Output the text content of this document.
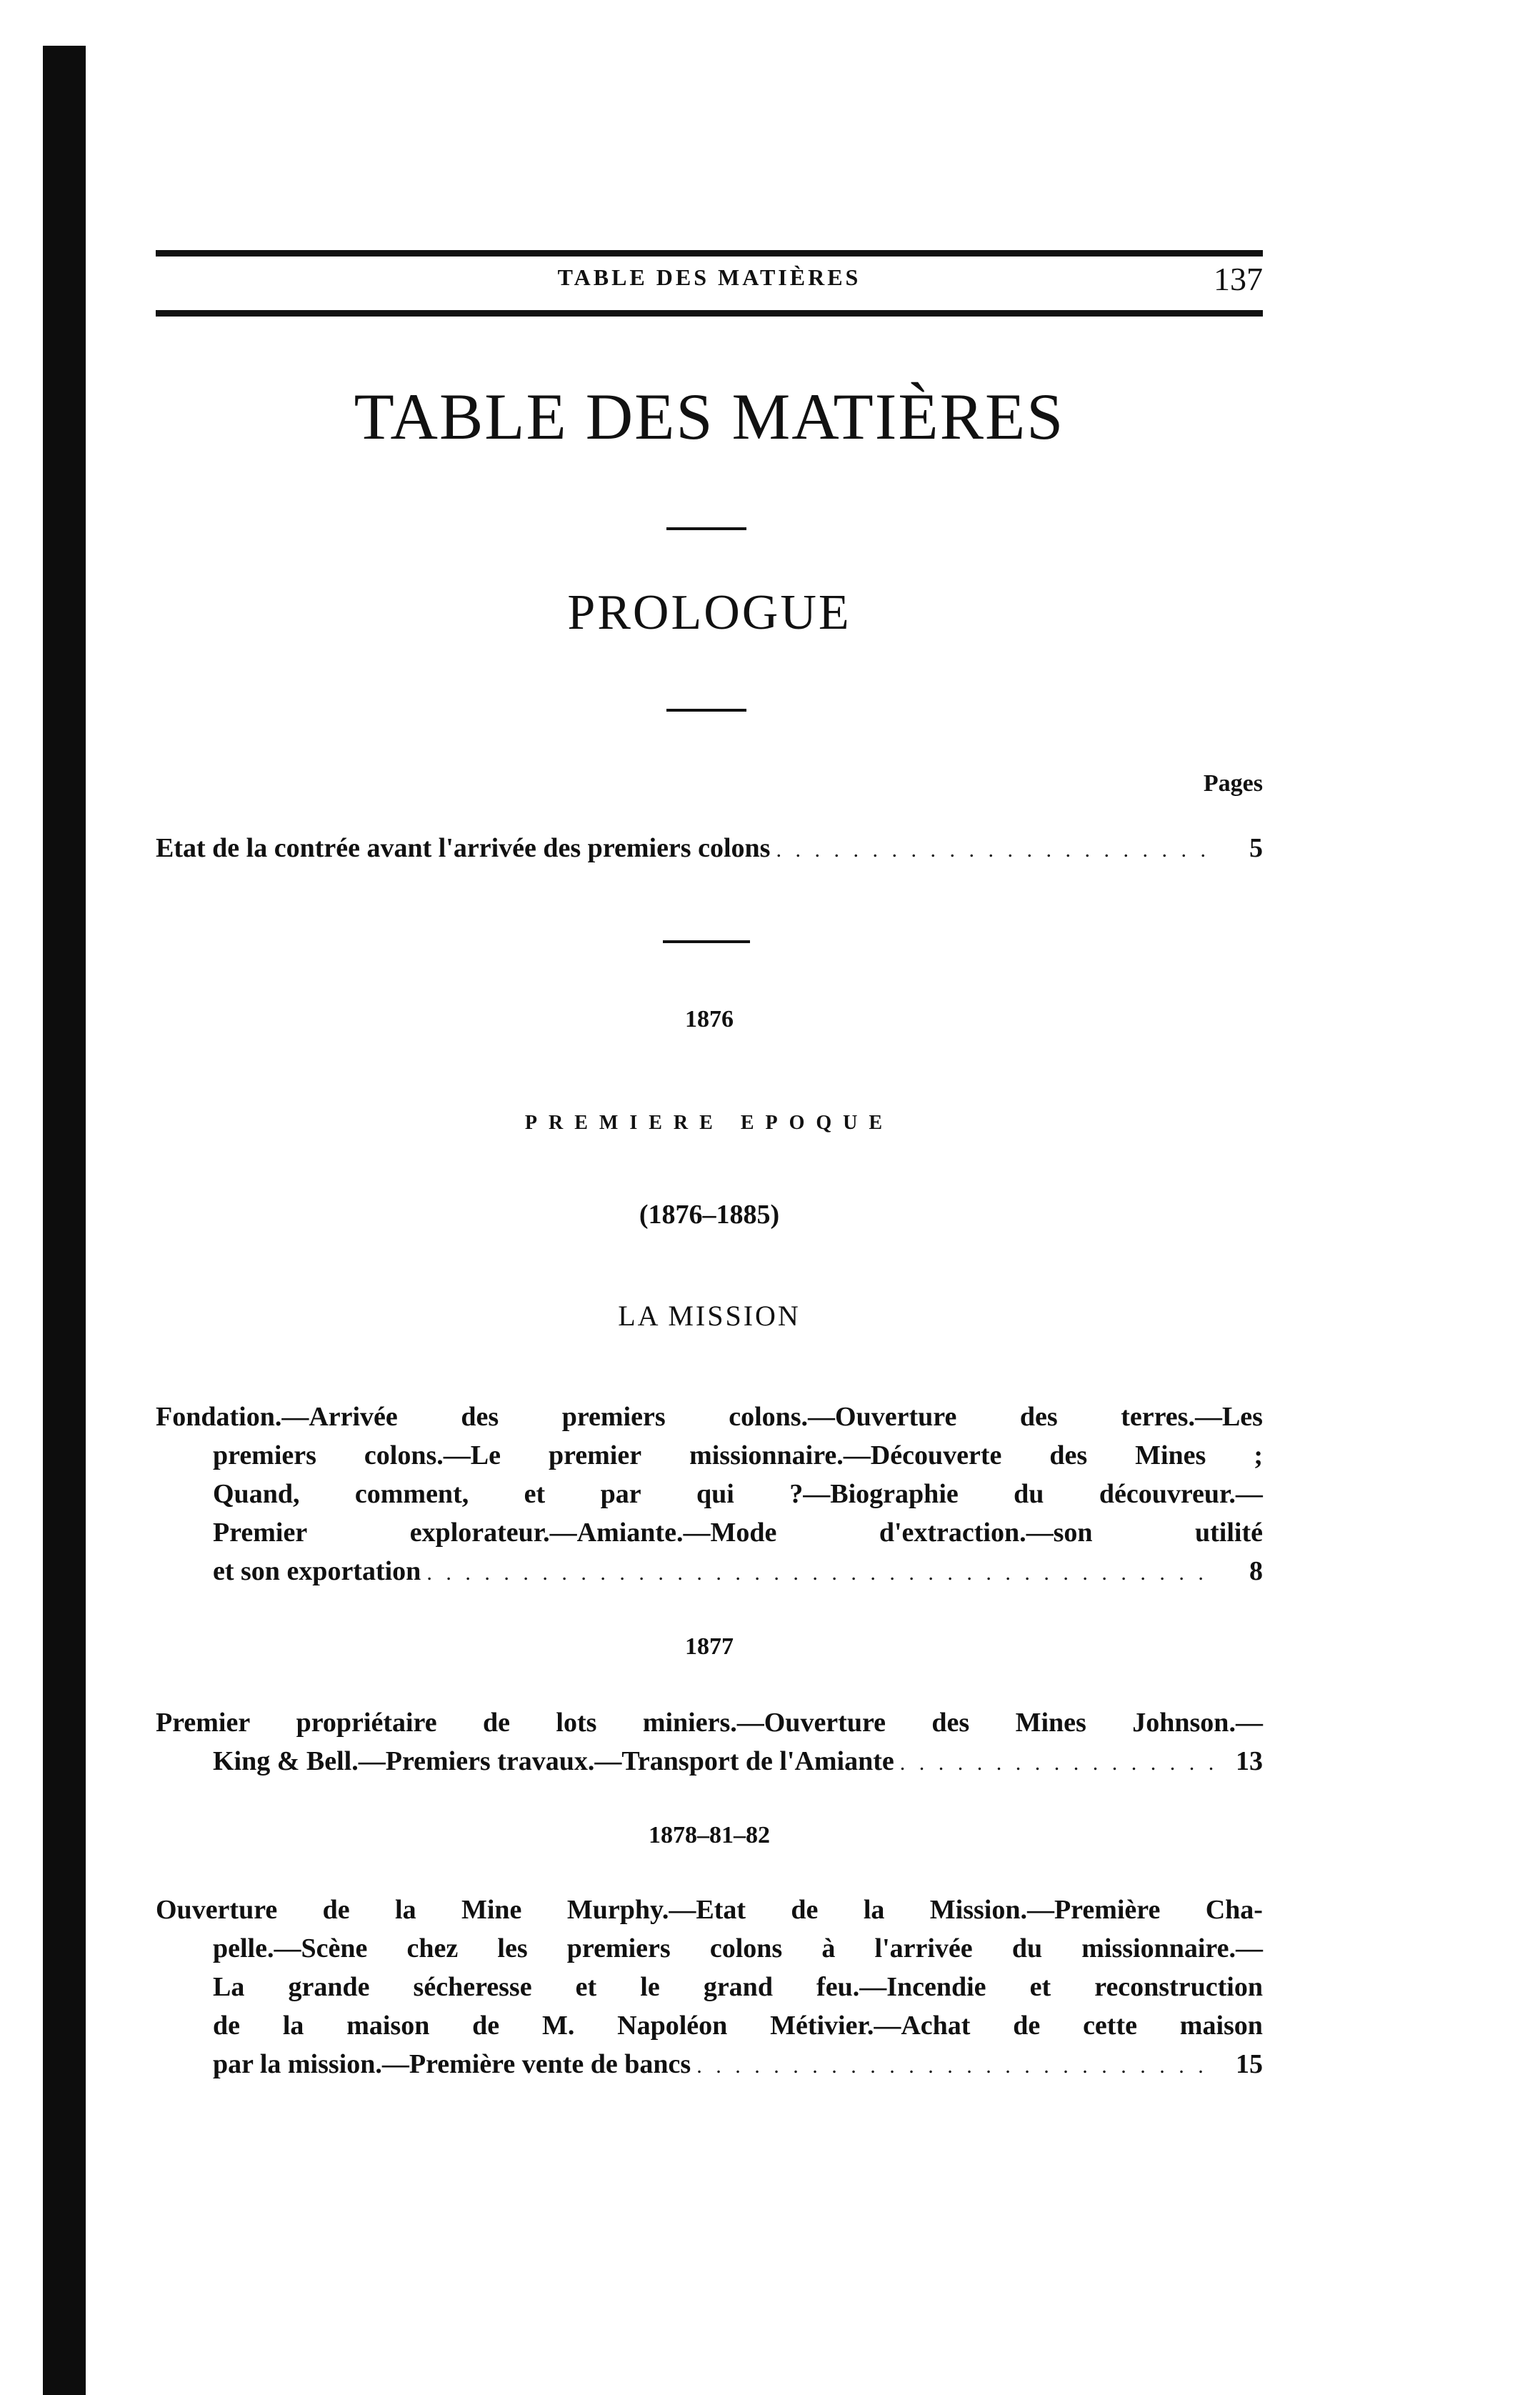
TABLE DES MATIÈRES	137
TABLE DES MATIÈRES
PROLOGUE
Pages
Etat de la contrée avant l'arrivée des premiers colons . . .	5
1876
PREMIERE EPOQUE
(1876–1885)
LA MISSION
Fondation.—Arrivée des premiers colons.—Ouverture des terres.—Les
premiers colons.—Le premier missionnaire.—Découverte des Mines ;
Quand, comment, et par qui ?—Biographie du découvreur.—
Premier	explorateur.—Amiante.—Mode	d'extraction.—son	utilité
et son exportation . . .	8
1877
Premier propriétaire de lots miniers.—Ouverture des Mines Johnson.—
King & Bell.—Premiers travaux.—Transport de l'Amiante . . .	13
1878–81–82
Ouverture de la Mine Murphy.—Etat de la Mission.—Première Cha-
pelle.—Scène chez les premiers colons à l'arrivée du missionnaire.—
La grande sécheresse et le grand feu.—Incendie et reconstruction
de la maison de M. Napoléon Métivier.—Achat de cette maison
par la mission.—Première vente de bancs . . .	15
